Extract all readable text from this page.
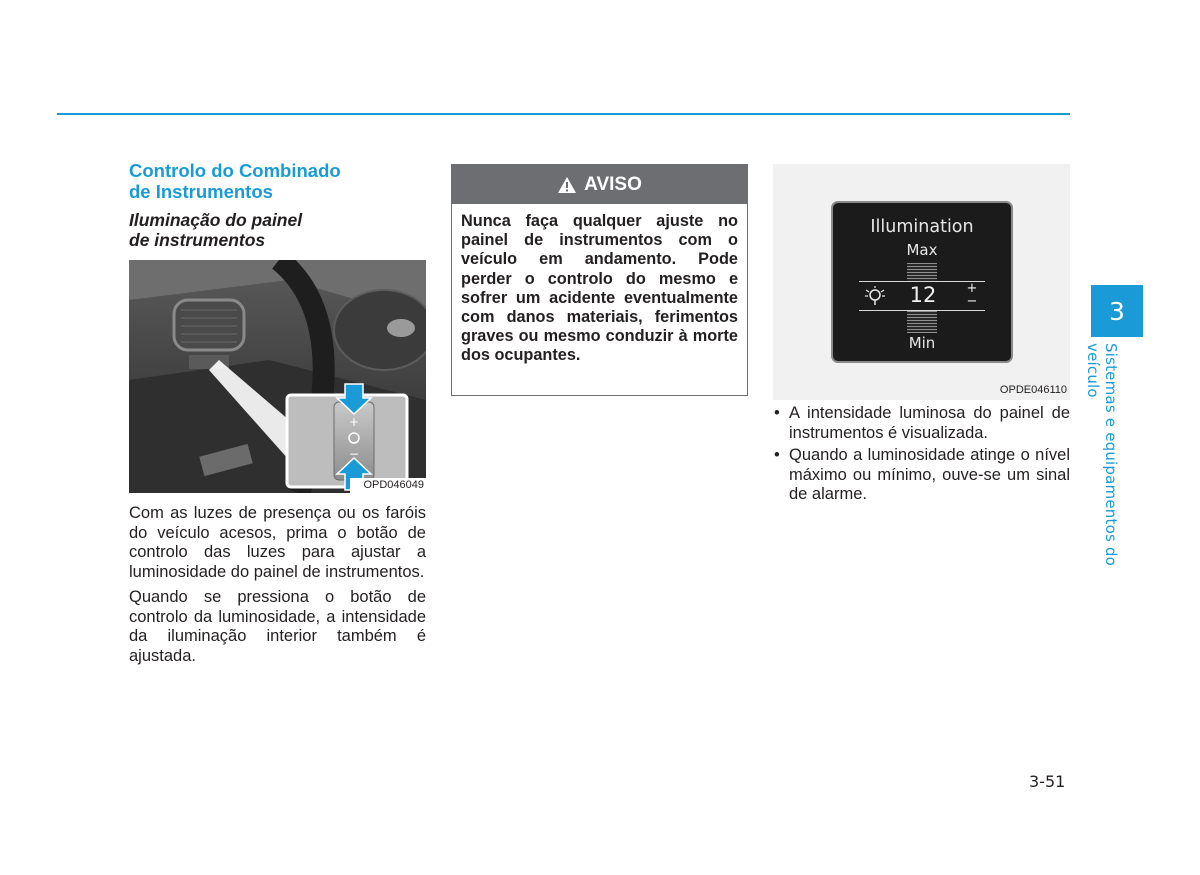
Controlo do Combinado
de Instrumentos
Iluminação do painel
de instrumentos
+
−
OPD046049

Com as luzes de presença ou os faróis do veículo acesos, prima o botão de controlo das luzes para ajustar a luminosidade do painel de instrumentos.

Quando se pressiona o botão de controlo da luminosidade, a intensidade da iluminação interior também é ajustada.

AVISO
Nunca faça qualquer ajuste no painel de instrumentos com o veículo em andamento. Pode perder o controlo do mesmo e sofrer um acidente eventualmente com danos materiais, ferimentos graves ou mesmo conduzir à morte dos ocupantes.
Illumination
Max
12	+
−
Min
OPDE046110
• A intensidade luminosa do painel de instrumentos é visualizada.
• Quando a luminosidade atinge o nível máximo ou mínimo, ouve-se um sinal de alarme.
3
Sistemas e equipamentos do veículo
3-51
